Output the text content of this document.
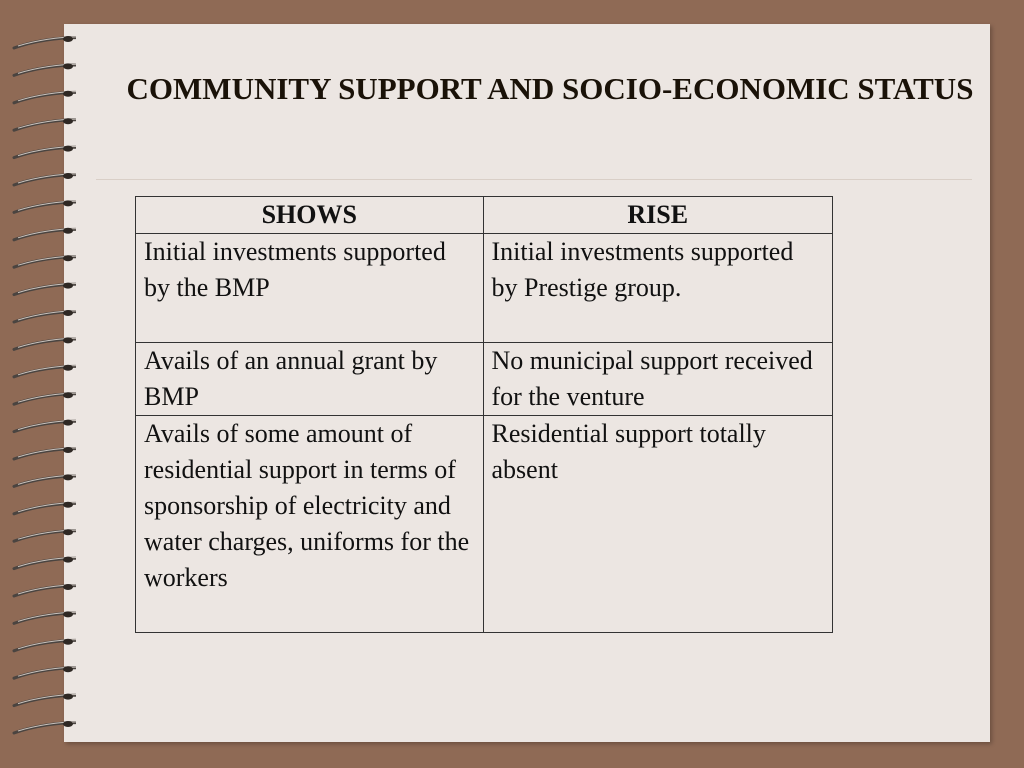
COMMUNITY SUPPORT AND SOCIO-ECONOMIC STATUS
SHOWS	RISE
Initial investments supported by the BMP	Initial investments supported by Prestige group.
Avails of an annual grant by BMP	No municipal support received for the venture
Avails of some amount of residential support in terms of sponsorship of electricity and water charges, uniforms for the workers	Residential support totally absent
